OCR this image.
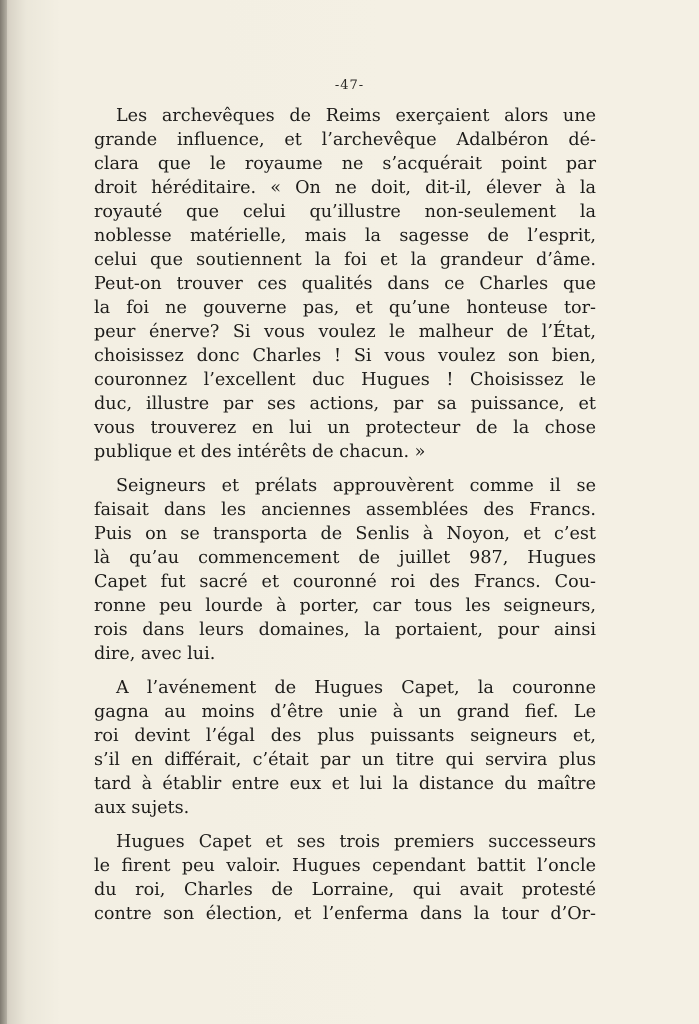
-47-

Les archevêques de Reims exerçaient alors une
grande influence, et l’archevêque Adalbéron dé-
clara que le royaume ne s’acquérait point par
droit héréditaire. « On ne doit, dit-il, élever à la
royauté que celui qu’illustre non-seulement la
noblesse matérielle, mais la sagesse de l’esprit,
celui que soutiennent la foi et la grandeur d’âme.
Peut-on trouver ces qualités dans ce Charles que
la foi ne gouverne pas, et qu’une honteuse tor-
peur énerve? Si vous voulez le malheur de l’État,
choisissez donc Charles ! Si vous voulez son bien,
couronnez l’excellent duc Hugues ! Choisissez le
duc, illustre par ses actions, par sa puissance, et
vous trouverez en lui un protecteur de la chose
publique et des intérêts de chacun. »

Seigneurs et prélats approuvèrent comme il se
faisait dans les anciennes assemblées des Francs.
Puis on se transporta de Senlis à Noyon, et c’est
là qu’au commencement de juillet 987, Hugues
Capet fut sacré et couronné roi des Francs. Cou-
ronne peu lourde à porter, car tous les seigneurs,
rois dans leurs domaines, la portaient, pour ainsi
dire, avec lui.

A l’avénement de Hugues Capet, la couronne
gagna au moins d’être unie à un grand fief. Le
roi devint l’égal des plus puissants seigneurs et,
s’il en différait, c’était par un titre qui servira plus
tard à établir entre eux et lui la distance du maître
aux sujets.

Hugues Capet et ses trois premiers successeurs
le firent peu valoir. Hugues cependant battit l’oncle
du roi, Charles de Lorraine, qui avait protesté
contre son élection, et l’enferma dans la tour d’Or-
